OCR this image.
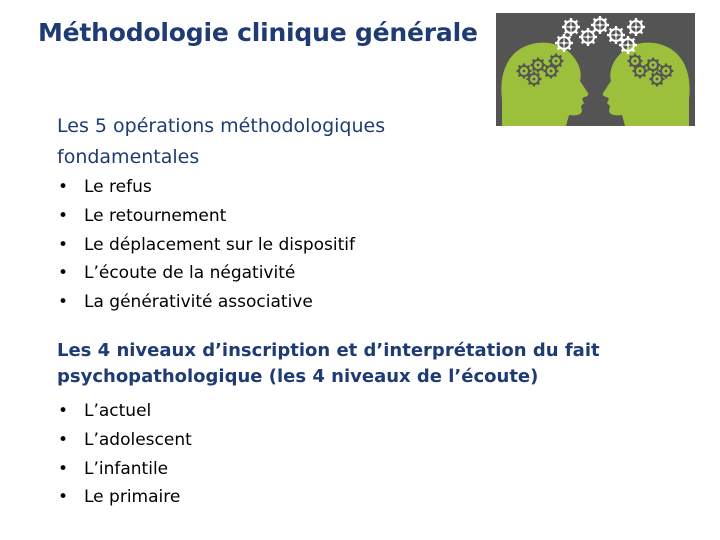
Méthodologie clinique générale
Les 5 opérations méthodologiques
fondamentales
• Le refus
• Le retournement
• Le déplacement sur le dispositif
• L’écoute de la négativité
• La générativité associative
Les 4 niveaux d’inscription et d’interprétation du fait
psychopathologique (les 4 niveaux de l’écoute)
• L’actuel
• L’adolescent
• L’infantile
• Le primaire
